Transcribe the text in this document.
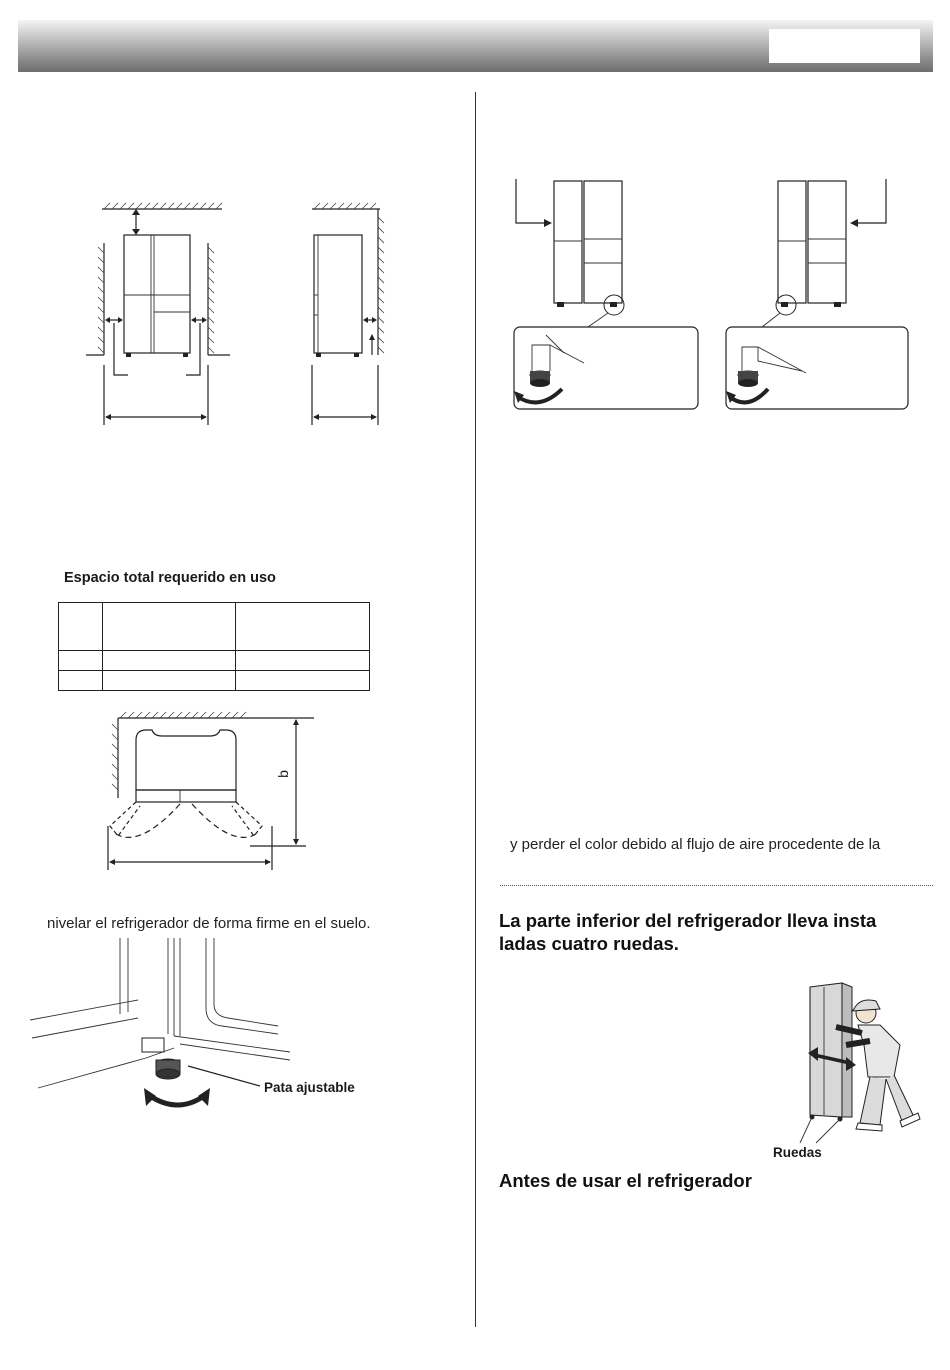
Espacio total requerido en uso

b
nivelar el refrigerador de forma firme en el suelo.
Pata ajustable
y perder el color debido al flujo de aire procedente de la
La parte inferior del refrigerador lleva insta
ladas cuatro ruedas.
Ruedas
Antes de usar el refrigerador
